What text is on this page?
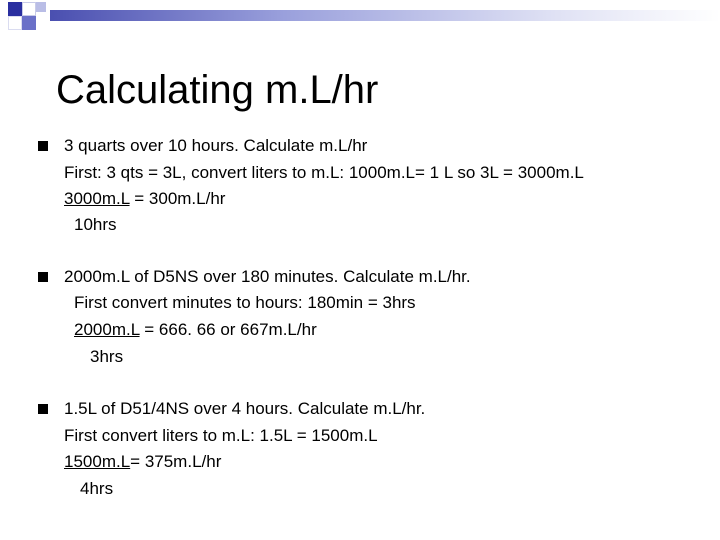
Calculating m.L/hr
3 quarts over 10 hours. Calculate m.L/hr
First: 3 qts = 3L, convert liters to m.L: 1000m.L= 1 L so 3L = 3000m.L
3000m.L = 300m.L/hr
10hrs
2000m.L of D5NS over 180 minutes. Calculate m.L/hr.
First convert minutes to hours: 180min = 3hrs
2000m.L = 666. 66 or 667m.L/hr
3hrs
1.5L of D51/4NS over 4 hours. Calculate m.L/hr.
First convert liters to m.L: 1.5L = 1500m.L
1500m.L= 375m.L/hr
4hrs
